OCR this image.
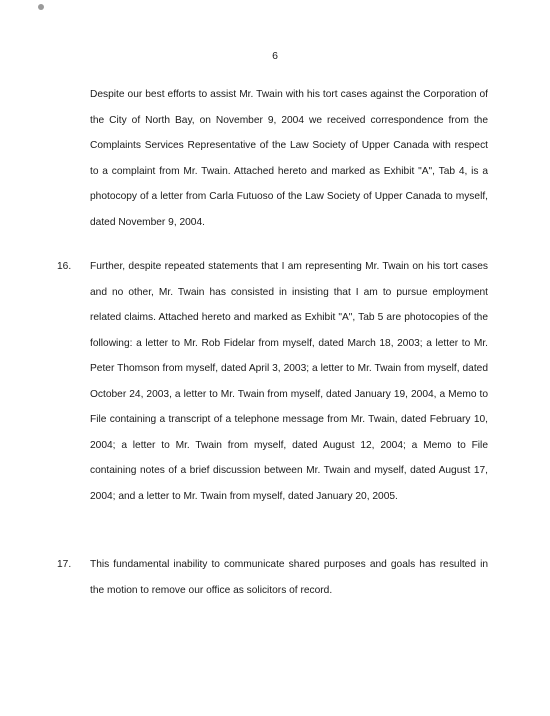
6
Despite our best efforts to assist Mr. Twain with his tort cases against the Corporation of the City of North Bay, on November 9, 2004 we received correspondence from the Complaints Services Representative of the Law Society of Upper Canada with respect to a complaint from Mr. Twain. Attached hereto and marked as Exhibit "A", Tab 4, is a photocopy of a letter from Carla Futuoso of the Law Society of Upper Canada to myself, dated November 9, 2004.
16. Further, despite repeated statements that I am representing Mr. Twain on his tort cases and no other, Mr. Twain has consisted in insisting that I am to pursue employment related claims. Attached hereto and marked as Exhibit "A", Tab 5 are photocopies of the following: a letter to Mr. Rob Fidelar from myself, dated March 18, 2003; a letter to Mr. Peter Thomson from myself, dated April 3, 2003; a letter to Mr. Twain from myself, dated October 24, 2003, a letter to Mr. Twain from myself, dated January 19, 2004, a Memo to File containing a transcript of a telephone message from Mr. Twain, dated February 10, 2004; a letter to Mr. Twain from myself, dated August 12, 2004; a Memo to File containing notes of a brief discussion between Mr. Twain and myself, dated August 17, 2004; and a letter to Mr. Twain from myself, dated January 20, 2005.
17. This fundamental inability to communicate shared purposes and goals has resulted in the motion to remove our office as solicitors of record.
